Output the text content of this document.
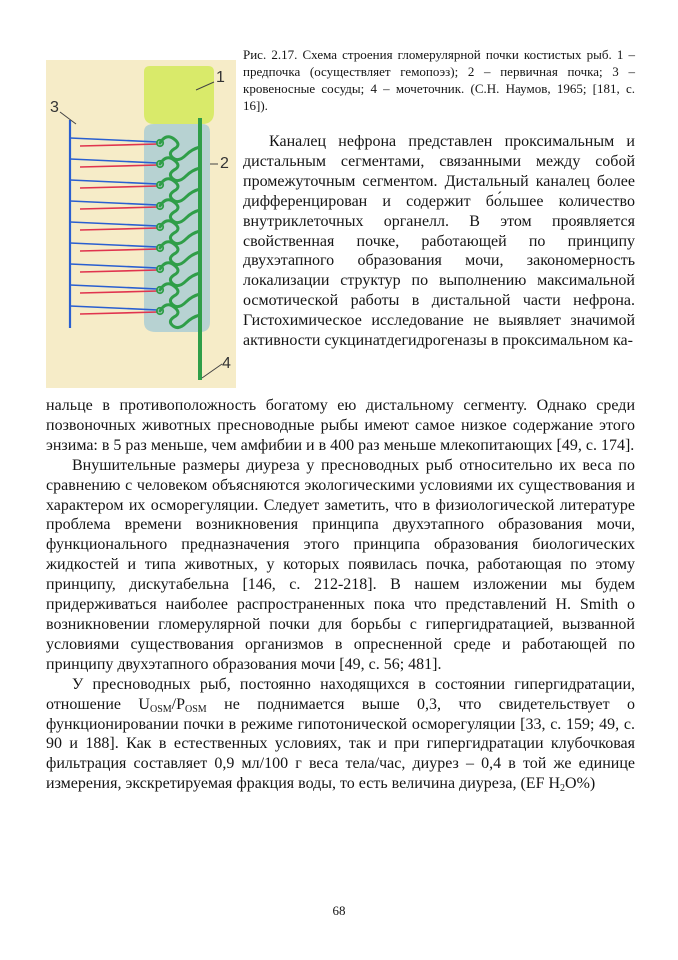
1
2
3
4
Рис. 2.17. Схема строения гломерулярной почки костистых рыб. 1 – предпочка (осуществляет гемопоэз); 2 – первичная почка; 3 – кровеносные сосуды; 4 – мочеточник. (С.Н. Наумов, 1965; [181, с. 16]).
Каналец нефрона представлен проксимальным и дистальным сегментами, связанными между собой промежуточным сегментом. Дистальный каналец более дифференцирован и содержит бо́льшее количество внутриклеточных органелл. В этом проявляется свойственная почке, работающей по принципу двухэтапного образования мочи, закономерность локализации структур по выполнению максимальной осмотической работы в дистальной части нефрона. Гистохимическое исследование не выявляет значимой активности сукцинатдегидрогеназы в проксимальном ка-

нальце в противоположность богатому ею дистальному сегменту. Однако среди позвоночных животных пресноводные рыбы имеют самое низкое содержание этого энзима: в 5 раз меньше, чем амфибии и в 400 раз меньше млекопитающих [49, с. 174].

Внушительные размеры диуреза у пресноводных рыб относительно их веса по сравнению с человеком объясняются экологическими условиями их существования и характером их осморегуляции. Следует заметить, что в физиологической литературе проблема времени возникновения принципа двухэтапного образования мочи, функционального предназначения этого принципа образования биологических жидкостей и типа животных, у которых появилась почка, работающая по этому принципу, дискутабельна [146, с. 212-218]. В нашем изложении мы будем придерживаться наиболее распространенных пока что представлений H. Smith о возникновении гломерулярной почки для борьбы с гипергидратацией, вызванной условиями существования организмов в опресненной среде и работающей по принципу двухэтапного образования мочи [49, с. 56; 481].

У пресноводных рыб, постоянно находящихся в состоянии гипергидратации, отношение $U_{OSM}/P_{OSM}$ не поднимается выше 0,3, что свидетельствует о функционировании почки в режиме гипотонической осморегуляции [33, с. 159; 49, с. 90 и 188]. Как в естественных условиях, так и при гипергидратации клубочковая фильтрация составляет 0,9 мл/100 г веса тела/час, диурез – 0,4 в той же единице измерения, экскретируемая фракция воды, то есть величина диуреза, (EF $H_2O\%$)

68
